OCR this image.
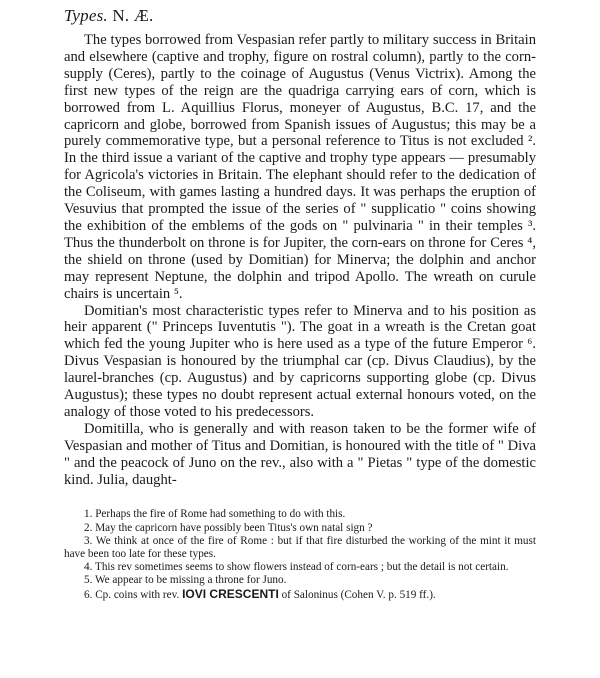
Types. N. Æ.

The types borrowed from Vespasian refer partly to military success in Britain and elsewhere (captive and trophy, figure on rostral column), partly to the corn-supply (Ceres), partly to the coinage of Augustus (Venus Victrix). Among the first new types of the reign are the quadriga carrying ears of corn, which is borrowed from L. Aquillius Florus, moneyer of Augustus, B.C. 17, and the capricorn and globe, borrowed from Spanish issues of Augustus; this may be a purely commemorative type, but a personal reference to Titus is not excluded ². In the third issue a variant of the captive and trophy type appears — presumably for Agricola's victories in Britain. The elephant should refer to the dedication of the Coliseum, with games lasting a hundred days. It was perhaps the eruption of Vesuvius that prompted the issue of the series of " supplicatio " coins showing the exhibition of the emblems of the gods on " pulvinaria " in their temples ³. Thus the thunderbolt on throne is for Jupiter, the corn-ears on throne for Ceres ⁴, the shield on throne (used by Domitian) for Minerva; the dolphin and anchor may represent Neptune, the dolphin and tripod Apollo. The wreath on curule chairs is uncertain ⁵.

Domitian's most characteristic types refer to Minerva and to his position as heir apparent (" Princeps Iuventutis "). The goat in a wreath is the Cretan goat which fed the young Jupiter who is here used as a type of the future Emperor ⁶. Divus Vespasian is honoured by the triumphal car (cp. Divus Claudius), by the laurel-branches (cp. Augustus) and by capricorns supporting globe (cp. Divus Augustus); these types no doubt represent actual external honours voted, on the analogy of those voted to his predecessors.

Domitilla, who is generally and with reason taken to be the former wife of Vespasian and mother of Titus and Domitian, is honoured with the title of " Diva " and the peacock of Juno on the rev., also with a " Pietas " type of the domestic kind. Julia, daught-

1. Perhaps the fire of Rome had something to do with this.

2. May the capricorn have possibly been Titus's own natal sign ?

3. We think at once of the fire of Rome : but if that fire disturbed the working of the mint it must have been too late for these types.

4. This rev sometimes seems to show flowers instead of corn-ears ; but the detail is not certain.

5. We appear to be missing a throne for Juno.

6. Cp. coins with rev. IOVI CRESCENTI of Saloninus (Cohen V. p. 519 ff.).
